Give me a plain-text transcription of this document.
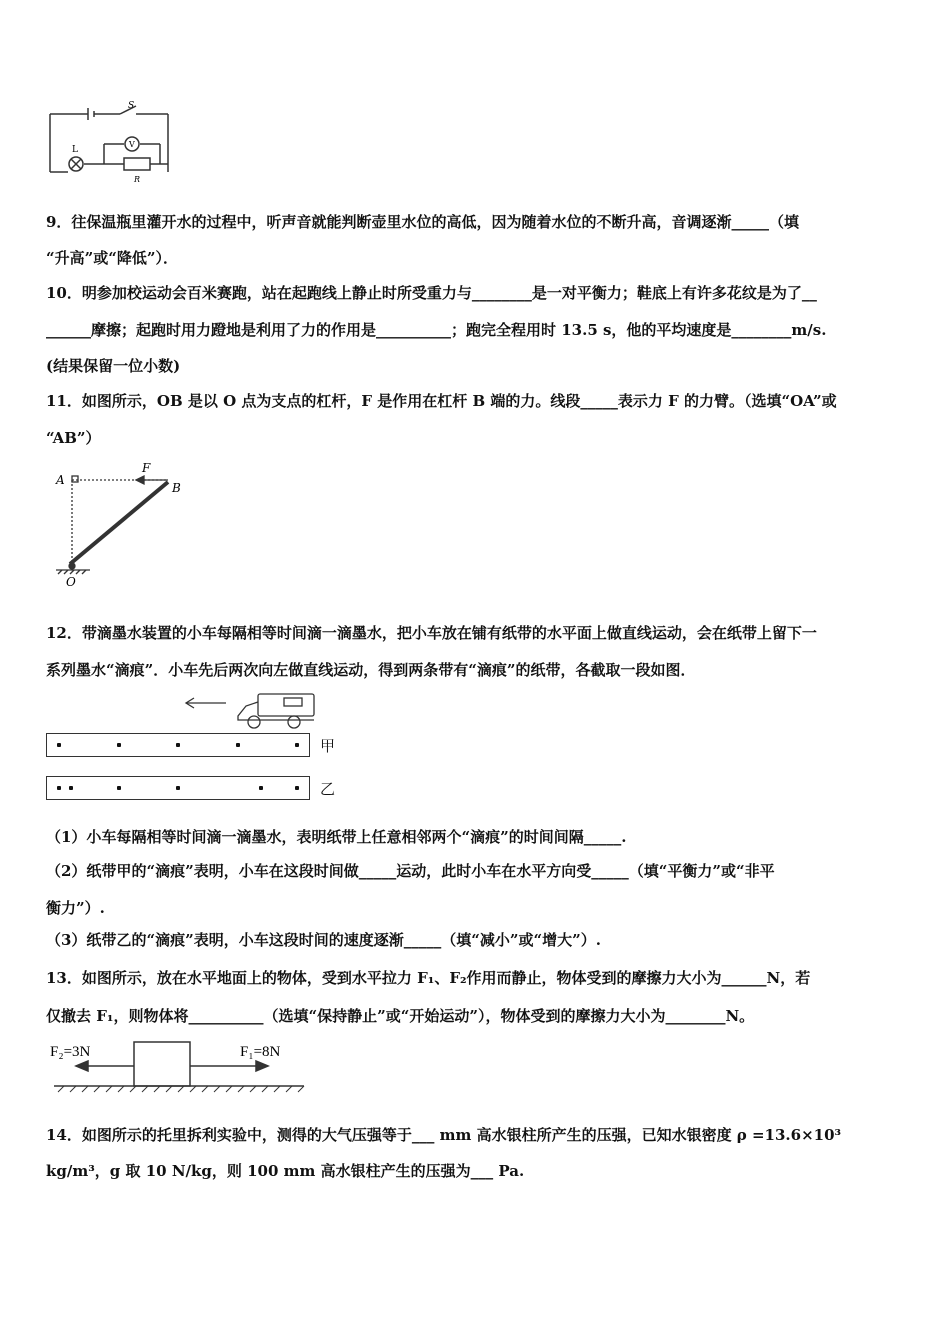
S
L
V
R
9．往保温瓶里灌开水的过程中，听声音就能判断壶里水位的高低，因为随着水位的不断升高，音调逐渐_____（填
“升高”或“降低”）．
10．明参加校运动会百米赛跑，站在起跑线上静止时所受重力与________是一对平衡力；鞋底上有许多花纹是为了__
______摩擦；起跑时用力蹬地是利用了力的作用是__________；跑完全程用时 13.5 s，他的平均速度是________m/s.
(结果保留一位小数)
11．如图所示，OB 是以 O 点为支点的杠杆，F 是作用在杠杆 B 端的力。线段_____表示力 F 的力臂。（选填“OA”或
“AB”）
A
B
F
O
12．带滴墨水装置的小车每隔相等时间滴一滴墨水，把小车放在铺有纸带的水平面上做直线运动，会在纸带上留下一
系列墨水“滴痕”．小车先后两次向左做直线运动，得到两条带有“滴痕”的纸带，各截取一段如图．
甲
乙
（1）小车每隔相等时间滴一滴墨水，表明纸带上任意相邻两个“滴痕”的时间间隔_____.
（2）纸带甲的“滴痕”表明，小车在这段时间做_____运动，此时小车在水平方向受_____（填“平衡力”或“非平
衡力”）.
（3）纸带乙的“滴痕”表明，小车这段时间的速度逐渐_____（填“减小”或“增大”）.
13．如图所示，放在水平地面上的物体，受到水平拉力 F₁、F₂作用而静止，物体受到的摩擦力大小为______N，若
仅撤去 F₁，则物体将__________（选填“保持静止”或“开始运动”），物体受到的摩擦力大小为________N。
F₂=3N	F₁=8N
14．如图所示的托里拆利实验中，测得的大气压强等于___ mm 高水银柱所产生的压强，已知水银密度 ρ =13.6×10³
kg/m³，g 取 10 N/kg，则 100 mm 高水银柱产生的压强为___ Pa.
